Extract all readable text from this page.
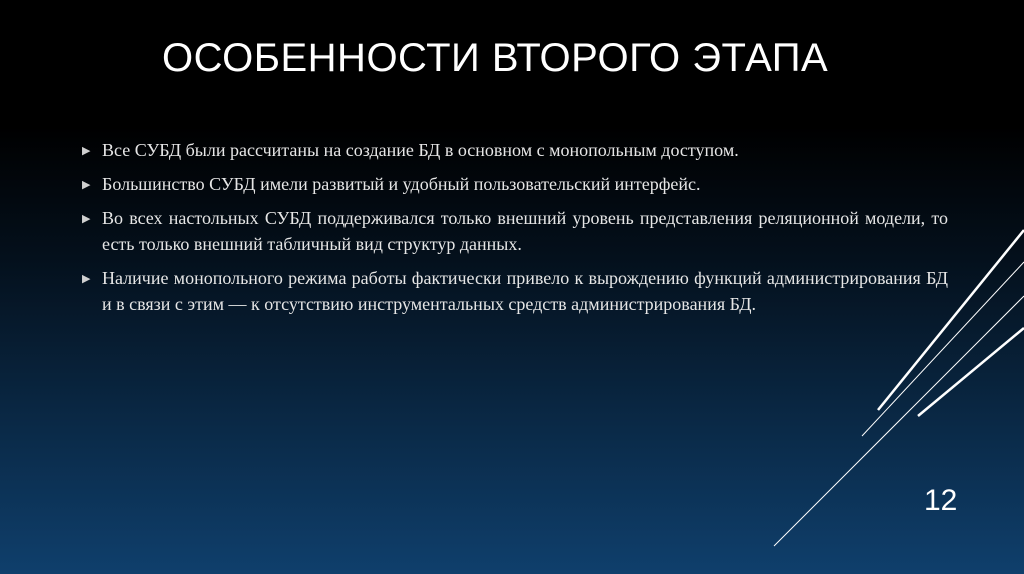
ОСОБЕННОСТИ ВТОРОГО ЭТАПА
▶ Все СУБД были рассчитаны на создание БД в основном с монопольным доступом.
▶ Большинство СУБД имели развитый и удобный пользовательский интерфейс.
▶ Во всех настольных СУБД поддерживался только внешний уровень представления реляционной модели, то есть только внешний табличный вид структур данных.
▶ Наличие монопольного режима работы фактически привело к вырождению функций администрирования БД и в связи с этим — к отсутствию инструментальных средств администрирования БД.
12
